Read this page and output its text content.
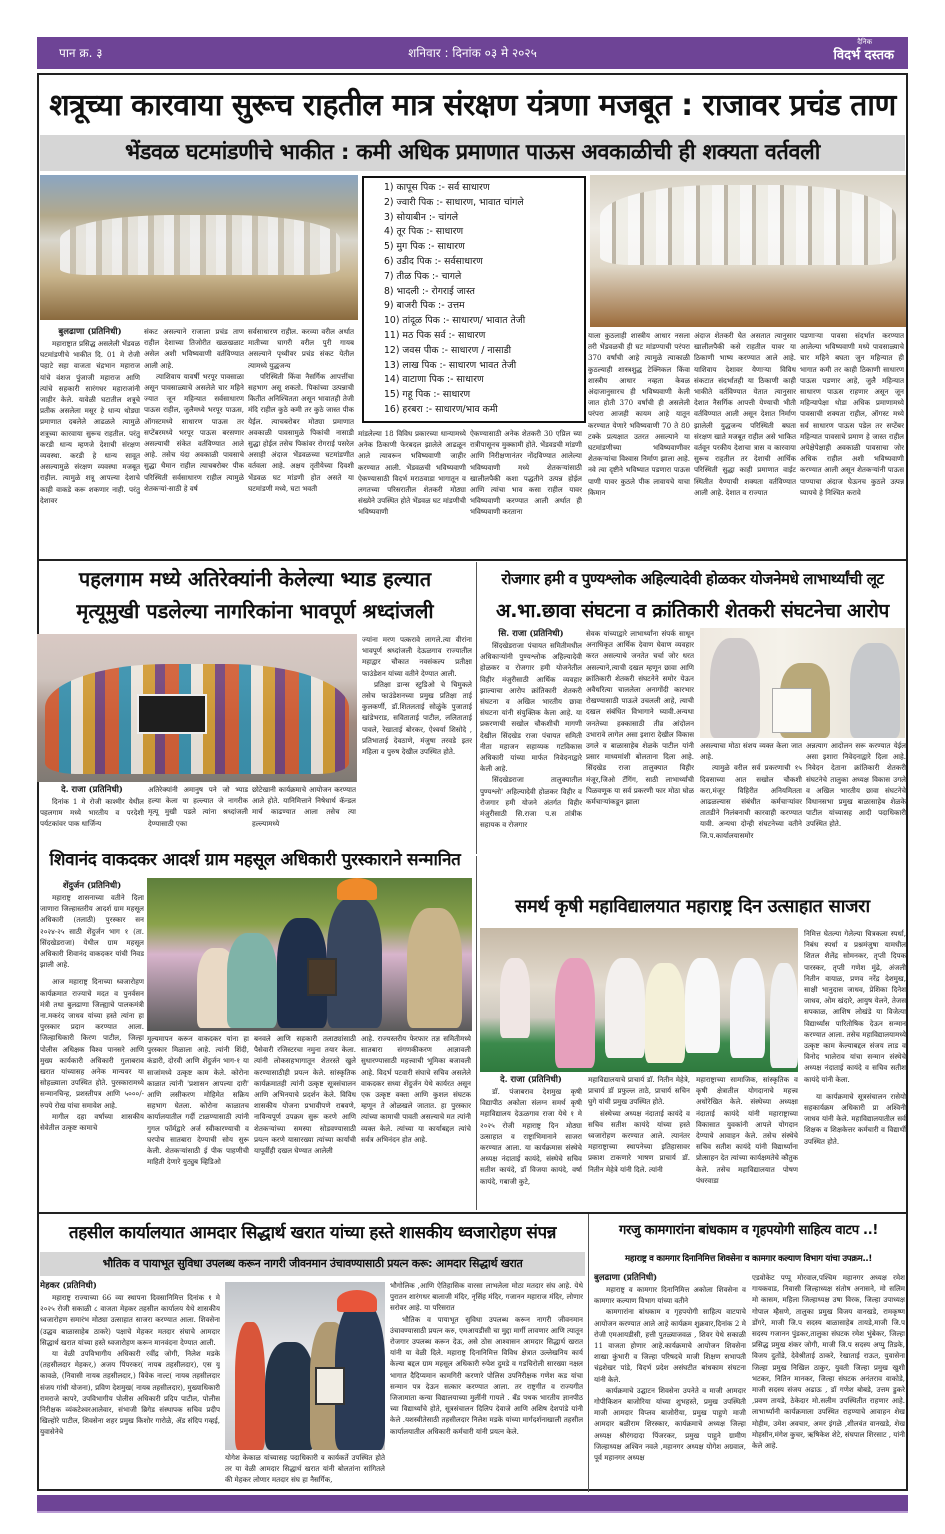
पान क्र. ३	शनिवार : दिनांक ०३ मे २०२५
दैनिक
विदर्भ दस्तक
शत्रूच्या कारवाया सुरूच राहतील मात्र संरक्षण यंत्रणा मजबूत : राजावर प्रचंड ताण
भेंडवळ घटमांडणीचे भाकीत : कमी अधिक प्रमाणात पाऊस अवकाळीची ही शक्यता वर्तवली
1) कापूस पिक :- सर्व साधारण
2) ज्वारी पिक :- साधारण, भावात चांगले
3) सोयाबीन :- चांगले
4) तूर पिक :- साधारण
5) मुग पिक :- साधारण
6) उडीद पिक :- सर्वसाधारण
7) तीळ पिक :- चागले
8) भादली :- रोगराई जास्त
9) बाजरी पिक :- उत्तम
10) तांदूळ पिक :- साधारण/ भावात तेजी
11) मठ पिक सर्व :- साधारण
12) जवस पीक :- साधारण / नासाडी
13) लाख पिक :- साधारण भावत तेजी
14) वाटाणा पिक :- साधारण
15) गहू पिक :- साधारण
16) हरबरा :- साधारण/भाव कमी
बुलढाणा (प्रतिनिधी)

महाराष्ट्रात प्रसिद्ध असलेली भेंडवळ घटमांडणीचे भाकीत दि. 01 मे रोजी पहाटे सहा वाजता चंद्रभान महाराज यांचे वंशज पुंजाजी महाराज आणि त्यांचे सहकारी सारंगधर महाराजांनी जाहीर केले. यावेळी घटातील शत्रूचे प्रतीक असलेला मसूर हे धान्य थोड्या प्रमाणात दबलेले आढळले त्यामुळे शत्रूच्या कारवाया सुरूच राहतील. परंतु करडी धान्य म्हणजे देशाची संरक्षण व्यवस्था. करडी हे धान्य सावूत असल्यामुळे संरक्षण व्यवस्था मजबूत राहील. त्यामुळे शत्रू आपल्या देशाचे काही वाकडे करू शकणार नाही. परंतु देशावर

संकट असल्याने राजाला प्रचंड ताण राहील देशाच्या तिजोरीत खळखळाट असेल अशी भविष्यवाणी वर्तविण्यात आली आहे.

त्याशिवाय यावर्षी भरपूर पावसाळा असून पावसाळ्याचे असलेले चार महिने ज्यात जून महिन्यात सर्वसाधारण पाऊस राहील, जुलैमध्ये भरपूर पाऊस, ऑगस्टमध्ये साधारण पाऊस तर सप्टेंबरमध्ये भरपूर पाऊस बरसणार असल्याची संकेत वर्तविण्यात आले आहे. तसेच यंदा अवकाळी पावसाचे सुद्धा थैमान राहील त्याचबरोबर पीक परिस्थिती सर्वसाधारण राहील त्यामुळे शेतकऱ्यां-साठी हे वर्ष

सर्वसाधारण राहील. करव्या वरील अर्थात मातीच्या घागरी वरील पुरी गायब असल्याने पृथ्वीवर प्रचंड संकट येतील त्यामध्ये युद्धजन्य

परिस्थिती किंवा नैसर्गिक आपत्तींचा सहभाग असू शकतो. पिकांच्या उत्पन्नाची कितीत अनिश्चितता असून भावातही तेजी मंदि राहील कुठे कमी तर कुठे जास्त पीक येईल. त्याचबरोबर मोठ्या प्रमाणात अवकाळी पावसामुळे पिकांची नासाडी सुद्धा होईल तसेच पिकांवर रोगराई पसरेल असाही अंदाज भेंडवळच्या घटमांडणीत वर्तवला आहे. अक्षय तृतीयेच्या दिवशी भेंडवळ घट मांडणी होत असते या घटमांडणी मध्ये, घटा भवती

मांडलेल्या 18 विविध प्रकारच्या धान्यामध्ये अनेक ठिकाणी फेरबदल झालेले आढळून आले त्यावरून भविष्यवाणी जाहीर करण्यात आली. भेंडवळची भविष्यवाणी ऐकण्यासाठी विदर्भ मराठवाडा भागातून व लगतच्या परिसरातील शेतकरी मोठ्या संख्येने उपस्थित होते भेंडवळ घट मांडणीची भविष्यवाणी

ऐकण्यासाठी अनेक शेतकरी 30 एप्रिल च्या रात्रीपासूनच मुक्कामी होते. भेंडवडची मांडणी आणि निरीक्षणानंतर नोंदविण्यात आलेल्या भविष्यवाणी मध्ये शेतकऱ्यांसाठी खालीलपैकी कशा पद्धतीने उत्पन्न होईल आणि त्यांचा भाव कसा राहील यावर भविष्यवाणी करण्यात आली अर्थात ही भविष्यवाणी करताना

याला कुठलाही शास्त्रीय आधार नसला तरी भेंडवळची ही घट मांडण्याची परंपरा 370 वर्षांची आहे त्यामुळे त्याकाळी कुठल्याही शास्त्रशुद्ध टेक्निकल किंवा शास्त्रीय आधार नव्हता केवळ अंदाजानुसारच ही भविष्यवाणी केली जात होती 370 वर्षांची ही असलेली परंपरा आजही कायम आहे यातून करण्यात येणारे भविष्यवाणी 70 ते 80 टक्के प्रत्यक्षात उतरत असल्याने या घटमांडणीच्या भविष्यवाणीवर शेतकऱ्यांचा विश्वास निर्माण झाला आहे. नवे त्या दृष्टीने भविष्यात पडणारा पाऊस पाणी यावर कुठले पीक लावायचे याचा किमान

अंदाज शेतकरी घेत असतात त्यानुसार खालीलपैकी कसे राहतील यावर या ठिकाणी भाष्य करण्यात आले आहे. याशिवाय देशावर येणाऱ्या विविध संकटात संदर्भातही या ठिकाणी काही भाकीते वर्तविण्यात येतात त्यानुसार देशात नैसर्गिक आपत्ती येण्याची भीती वर्तविण्यात आली असून देशात निर्माण झालेली युद्धजन्य परिस्थिती बघता संरक्षण खाते मजबूत राहील असे भाकित वर्तवून परकीय देशाचा त्रास व कारवाया सुरूच राहतील तर देशाची आर्थिक परिस्थिती सुद्धा काही प्रमाणात वाईट स्थितीत येण्याची शक्यता वर्तविण्यात आली आहे. देशात व राज्यात

पडणाऱ्या पावसा संदर्भात करण्यात आलेल्या भविष्यवाणी मध्ये पावसाळ्याचे चार महिने बघता जुन महिन्यात ही भागात कमी तर काही ठिकाणी साधारण पाऊस पडणार आहे, जुलै महिन्यात साधारण पाऊस राहणार असून जून महिन्यापेक्षा थोडा अधिक प्रमाणामध्ये पावसाची शक्यता राहील, ऑगस्ट मध्ये सर्व साधारण पाऊस पडेल तर सप्टेंबर महिन्यात पावसाचे प्रमाण हे जास्त राहील अपेक्षेपेक्षाही अवकाळी पावसाचा जोर अधिक राहील अशी भविष्यवाणी करण्यात आली असून शेतकऱ्यांनी पाऊस पाण्याचा अंदाज घेऊनच कुठले उत्पन्न घ्यायचे हे निश्चित करावे

पहलगाम मध्ये अतिरेक्यांनी केलेल्या भ्याड हल्यात
मृत्यूमुखी पडलेल्या नागरिकांना भावपूर्ण श्रध्दांजली
दे. राजा (प्रतिनिधी)

दिनांक 1 मे रोजी काश्मीर येथील पहलगाम मध्ये भारतीय व परदेशी पर्यटकांवर पाक धार्जिन्य

अतिरेक्यांनी अमानुष पने जो भ्याड हल्या केला या हल्ल्यात जे नागरीक मृत्यू मुखी पडले त्यांना श्रध्दांजली देण्यासाठी एका

छोटेखानी कार्यक्रमाचे आयोजन करण्यात आले होते. यानिमित्ताने निषेधार्थ कॅन्डल मार्च काढण्यात आला तसेच त्या हल्ल्यामध्ये

ज्यांना मरण पत्करावे लागले.त्या वीरांना भावपूर्ण श्रध्दांजली देऊळगाव राज्यातील महाद्वार चौकात नवसंकल्प प्रतीक्षा फाउंडेशन यांच्या वतीने देण्यात आली.

प्रतिक्षा डान्स स्टुडिओ चे चिमुकले तसेच फाउंडेशनच्या प्रमुख प्रतिक्षा ताई कुलकर्णी, डॉ.शितलताई सोळुंके पुजाताई खांडेभराड, सविताताई पाटील, ललिताताई पावले, रेखाताई बोरकर, ऐश्वर्या शिसोदे , प्रतिभाताई देवठाणे, मंजुषा तरवडे इतर महिला व पुरुष देखील उपस्थित होते.

रोजगार हमी व पुण्यश्लोक अहिल्यादेवी होळकर योजनेमधे लाभार्थ्यांची लूट
अ.भा.छावा संघटना व क्रांतिकारी शेतकरी संघटनेचा आरोप
सि. राजा (प्रतिनिधी)

सिंदखेडराजा पंचायत समितीमधील अधिकाऱ्यांनी पुण्यश्लोक अहिल्यादेवी होळकर व रोजगार हमी योजनेतील विहीर मंजुरीसाठी आर्थिक व्यवहार झाल्याचा आरोप क्रांतिकारी शेतकरी संघटना व अखिल भारतीय छावा संघटना यांनी संयुक्तिक केला आहे. या प्रकरणाची सखोल चौकशीची मागणी देखील सिंदखेड राजा पंचायत समिती नीता महाजन सहाय्यक गटविकास अधिकारी यांच्या मार्फत निवेदनाद्वारे केली आहे.

सिंदखेडराजा तालुक्यातील पुण्यश्लो' अहिल्यादेवी होळकर विहीर व रोजगार हमी योजने अंतर्गत विहीर मंजुरीसाठी सि.राजा प.स तांत्रीक सहायक व रोजगार

सेवक यांच्याद्वारे लाभार्थ्यांना संपर्क साधून अनाधिकृत आर्थिक देवाण घेवाण व्यवहार करत असल्याचे जनतेत चर्चा जोर धरत असल्याने,त्याची दखल म्हणून छावा आणि क्रांतिकारी शेतकरी संघटनेने समोर येऊन अवैधरित्या चाललेला अनागोंदी कारभार रोखण्यासाठी पाऊले उचलली आहे, त्याची दखल संबंधित विभागाने घ्यावी.अन्यथा जनतेच्या हक्कासाठी तीव्र आंदोलन उभारावे लागेल असा इशारा देखील विकास उगले व बाळासाहेब शेळके पाटील यांनी प्रसार माध्यमांशी बोलताना दिला आहे. सिंदखेड राजा तालुक्यात विहीर मंजूर,जिओ टॅगिंग, साठी लाभार्थ्यांची पिळवणूक या सर्व प्रकरणी फार मोठा घोळ कर्मचाऱ्यांकडून झाला

असल्याचा मोठा संशय व्यक्त केला जात आहे.

त्यामुळे वरील सर्व प्रकरणाची १५ दिवसाच्या आत सखोल चौकशी करा,मंजूर विहिरीत अनियमितता आढळल्यास संबंधीत कर्मचाऱ्यांवर तातडीने निलंबनाची कारवाही करण्यात यावी. अन्यथा दोन्ही संघटनेच्या वतीने जि.प.कार्यालयासमोर

अन्नत्याग आदोलन सरू करण्यात येईल असा इशारा निवेदनाद्वारे दिला आहे. निवेदन देताना क्रांतिकारी शेतकरी संघटनेचे तालुका अध्यक्ष विकास उगले व अखिल भारतीय छावा संघटनेचे विधानसभा प्रमुख बाळासाहेब शेळके पाटील यांच्यासह आदी पदाधिकारी उपस्थित होते.

शिवानंद वाकदकर आदर्श ग्राम महसूल अधिकारी पुरस्काराने सन्मानित
शेंदुर्जन (प्रतिनिधी)

महाराष्ट्र शासनाच्या वतीने दिला जाणारा जिल्हास्तरीय आदर्श ग्राम महसूल अधिकारी (तलाठी) पुरस्कार सन २०२४-२५ साठी शेंदुर्जन भाग १ (ता. सिंदखेडराजा) येथील ग्राम महसूल अधिकारी शिवानंद वाकदकर यांची निवड झाली आहे.

आज महाराष्ट्र दिनाच्या ध्वजारोहण कार्यक्रमात राज्याचे मदत व पुनर्वसन मंत्री तथा बुलढाणा जिल्ह्याचे पालकमंत्री ना.मकरंद जाधव यांच्या हस्ते त्यांना हा पुरस्कार प्रदान करण्यात आला. जिल्हाधिकारी किरण पाटील, जिल्हा पोलीस अधिक्षक विश्व पानसरे आणि मुख्य कार्यकारी अधिकारी गुलाबराव खरात यांच्यासह अनेक मान्यवर या सोहळ्याला उपस्थित होते. पुरस्कारामध्ये सन्मानचिन्ह, प्रशस्तीपत्र आणि ५०००/- रुपये रोख यांचा समावेश आहे.

मागील दहा वर्षांच्या शासकीय सेवेतील उत्कृष्ट कामाचे

मूल्यमापन करून वाकदकर यांना हा पुरस्कार मिळाला आहे. त्यांनी शिंदी, कंडारी, दोरवी आणि शेंदुर्जन भाग-१ या साजांमध्ये उत्कृष्ट काम केले. कोरोना काळात त्यांनी 'प्रशासन आपल्या दारी' आणि लसीकरण मोहिमेत सक्रिय सहभाग घेतला. कोरोना काळातच कार्यालयातील गर्दी टाळण्यासाठी त्यांनी गुगल फॉर्मद्वारे अर्ज स्वीकारण्याची व घरपोच सातबारा देण्याची सोय सुरू केली. शेतकऱ्यांसाठी ई पीक पाहणीची माहिती देणारे युट्युब व्हिडिओ

बनवले आणि सहकारी तलाठ्यांसाठी पैसेवारी रजिस्टरचा नमुना तयार केला. त्यांनी लोकसहभागातून शेतरस्ते खुले करण्यासाठीही प्रयत्न केले. सांस्कृतिक कार्यक्रमातही त्यांनी उत्कृष्ट सूत्रसंचालन आणि अभिनयाचे प्रदर्शन केले. विविध शासकीय योजना प्रभावीपणे राबवणे, नाविन्यपूर्ण उपक्रम सुरू करणे आणि शेतकऱ्यांच्या समस्या सोडवण्यासाठी प्रयत्न करणे यासारख्या त्यांच्या कार्याची यापूर्वीही दखल घेण्यात आलेली

आहे. राज्यस्तरीय फेरफार तज्ञ समितीमध्ये सातबारा संगणकीकरण आज्ञावली सुधारण्यासाठी महत्त्वाची भूमिका बजावली आहे. विदर्भ पटवारी संघाचे सचिव असलेले वाकदकर सध्या शेंदुर्जन येथे कार्यरत असून एक उत्कृष्ट वक्ता आणि कुशल संघटक म्हणून ते ओळखले जातात. हा पुरस्कार त्यांच्या कामाची पावती असल्याचे मत त्यांनी व्यक्त केले. त्यांच्या या कार्याबद्दल त्यांचे सर्वत्र अभिनंदन होत आहे.

समर्थ कृषी महाविद्यालयात महाराष्ट्र दिन उत्साहात साजरा
दे. राजा (प्रतिनिधी)

डॉ. पंजाबराव देशमुख कृषी विद्यापीठ अकोला संलग्न समर्थ कृषी महाविद्यालय देऊळगाव राजा येथे १ मे २०२५ रोजी महाराष्ट्र दिन मोठ्या उत्साहात व राष्ट्राभिमानाने साजरा करण्यात आला. या कार्यक्रमास संस्थेचे अध्यक्ष नंदाताई कायंदे, संस्थेचे सचिव सतीश कायंदे, डॉ विजया कायंदे, वर्षा कायंदे, गबाजी कुटे,

महाविद्यालयाचे प्राचार्य डॉ. नितीन मेहेत्रे, प्राचार्य डॉ प्रफुल्ल ताठे, प्राचार्य सचिन घुगे यांची प्रमुख उपस्थित होते.

संस्थेच्या अध्यक्ष नंदाताई कायंदे व सचिव सतीश कायंदे यांच्या हस्ते ध्वजारोहण करण्यात आले. त्यानंतर महाराष्ट्राच्या स्थापनेच्या इतिहासावर प्रकाश टाकणारे भाषण प्राचार्य डॉ. नितीन मेहेत्रे यांनी दिले. त्यांनी

महाराष्ट्राच्या सामाजिक, सांस्कृतिक व कृषी क्षेत्रातील योगदानाचे महत्त्व अधोरेखित केले. संस्थेच्या अध्यक्षा नंदाताई कायंदे यांनी महाराष्ट्राच्या विकासात युवकांनी आपले योगदान देण्याचे आवाहन केले. तसेच संस्थेचे सचिव सतीश कायंदे यांनी विद्यार्थ्यांना प्रोत्साहन देत त्यांच्या कार्यक्षमतेचे कौतुक केले. तसेच महाविद्यालयात पोषण पंधरवाडा

निमित्त घेतल्या गेलेल्या चित्रकला स्पर्धा, निबंध स्पर्धा व प्रश्नमंजुषा यामधील शितल शैलेंद्र सोमनकर, तृप्ती दिपक पारस्कर, तृप्ती गणेश मुंढे, अंजली नितीन वायाळ, प्रणव नरेंद्र देशमुख, साक्षी भानुदास जाधव, प्रेशिका दिनेश जाधव, ओम खंदारे, आयुष येलने, तेजस सपकाळ, आशिष लोखंडे या विजेत्या विद्यार्थ्यांस पारितोषिक देऊन सन्मान करण्यात आला. तसेच महाविद्यालयामध्ये उत्कृष्ट काम केल्याबद्दल संजय लाड व विनोद भालेराव यांचा सन्मान संस्थेचे अध्यक्ष नंदाताई कायंदे व सचिव सतीश कायंदे यांनी केला.

या कार्यक्रमाचे सूत्रसंचालन रासेयो सहकार्यक्रम अधिकारी प्रा अश्विनी जाधव यांनी केले. महाविद्यालयातील सर्व शिक्षक व शिक्षकेत्तर कर्मचारी व विद्यार्थी उपस्थित होते.

तहसील कार्यालयात आमदार सिद्धार्थ खरात यांच्या हस्ते शासकीय ध्वजारोहण संपन्न
भौतिक व पायाभूत सुविधा उपलब्ध करून नागरी जीवनमान उंचावण्यासाठी प्रयत्न करू: आमदार सिद्धार्थ खरात
मेहकर (प्रतिनिधी)

महाराष्ट्र राज्याच्या 66 व्या स्थापना दिवसानिमित्त दिनांक १ मे २०२५ रोजी सकाळी ८ वाजता मेहकर तहसील कार्यालय येथे शासकीय ध्वजारोहण समारंभ मोठ्या उत्साहात साजरा करण्यात आला. शिवसेना (उद्धव बाळासाहेब ठाकरे) पक्षाचे मेहकर मतदार संघाचे आमदार सिद्धार्थ खरात यांच्या हस्ते ध्वजारोहण करून मानवंदना देण्यात आली.

या वेळी उपविभागीय अधिकारी रवींद्र जोगी, निलेश मडके (तहसीलदार मेहकर,) अजय पिंपरकर( नायब तहसीलदार), एस यू कावळे, (निवासी नायब तहसीलदार,) विवेक नाल्ट( नायब तहसीलदार संजय गांधी योजना), प्रविण देशमुख( नायब तहसीलदार), मुख्याधिकारी रामराजे कापरे, उपविभागीय पोलीस अधिकारी प्रदिप पाटील, पोलीस निरीक्षक व्यंकटेश्वरआलेवार, संभाजी ब्रिगेड संस्थापक सचिव प्रदीप खिल्होरे पाटील, शिवसेना शहर प्रमुख किशोर गारोळे, ॲड संदिप गव्हई, युवासेनेचे

योगेश केकाळ यांच्यासह पदाधिकारी व कार्यकर्ते उपस्थित होते तर या वेळी आमदार सिद्धार्थ खरात यांनी बोलतांना सांगितले की मेहकर लोणार मतदार संघ हा नैसर्गिक,

भौगोलिक ,आणि ऐतिहासिक वारसा लाभलेला मोठा मतदार संघ आहे. येथे पुरातन शारंगधर बालाजी मंदिर, नृसिंह मंदिर, गजानन महाराज मंदिर, लोणार सरोवर आहे. या परिसरात

भौतिक व पायाभूत सुविधा उपलब्ध करून नागरी जीवनमान उंचावण्यासाठी प्रयत्न करु, एमआयडीसी चा मुद्दा मार्गी लावणार आणि त्यातून रोजगार उपलब्ध करून देऊ, असे ठोस आश्वासन आमदार सिद्धार्थ खरात यांनी या वेळी दिले. महाराष्ट्र दिनानिमित्त विविध क्षेत्रात उल्लेखनिय कार्य केल्या बद्दल ग्राम महसूल अधिकारी रुपेश दुमडे व गडचिरोली सारख्या नक्षल भागात दैदिप्यमान कामगिरी करणारे पोलिस उपनिरीक्षक गणेश कड यांचा सन्मान पत्र देऊन सत्कार करण्यात आला. तर राष्ट्रगीत व राज्यगीत जिजामाता कन्या विद्यालयाच्या मुलींनी गायले . बँड पथक भारतीय ज्ञानपीठ च्या विद्यार्थ्यांचे होते, सूत्रसंचालन दिलिप देवाजे आणि अशिष देशपांडे यांनी केले .यशस्वीतेसाठी तहसीलदार निलेश मडके यांच्या मार्गदर्शनाखाली तहसील कार्यालयातील अधिकारी कर्मचारी यांनी प्रयत्न केले.

गरजु कामगारांना बांधकाम व गृहपयोगी साहित्य वाटप ..!
महाराष्ट्र व कामगार दिनानिमित्त शिवसेना व कामगार कल्याण विभाग यांचा उपक्रम..!
बुलढाणा (प्रतिनिधी)

महाराष्ट्र व कामगार दिनानिमित्त अकोला शिवसेना व कामगार कल्याण विभाग यांच्या वतीने

कामगारांना बांधकाम व गृहपयोगी साहित्य वाटपाचे आयोजन करण्यात आले आहे कार्यक्रम शुक्रवार,दिनांक 2 मे रोजी एमआयडीसी, हत्ती पुतळ्याजवळ , शिवर येथे सकाळी 11 वाजता होणार आहे.कार्यक्रमाचे आयोजन शिवसेना शाखा कुंभारी व जिल्हा परिषदचे माजी शिक्षण सभापती चंद्रशेखर पांडे, विदर्भ प्रदेश असंघटीत बांधकाम संघटना यांनी केले.

कार्यक्रमाचे उद्घाटन शिवसेना उपनेते व माजी आमदार गोपीकिशन बाजोरिया यांच्या शुभहस्ते, प्रमुख उपस्थिती माजी आमदार विप्लव बाजोरीया, प्रमुख पाहुणे माजी आमदार बळीराम शिरस्कार, कार्यक्रमाचे अध्यक्ष जिल्हा अध्यक्ष श्रीरंगदादा पिंजरकर, प्रमुख पाहुने ग्रामीण जिल्हाध्यक्ष अश्विन नवले ,महानगर अध्यक्ष योगेश अग्रवाल, पूर्व महानगर अध्यक्ष

एडवोकेट पप्पू मोरवाल,पश्चिम महानगर अध्यक्ष रमेश गायकवाड, निवासी जिल्हाध्यक्ष संतोष अनासने, मो सलिम मो कासम, महिला जिल्हाध्यक्ष उषा विरक, जिल्हा उपाध्यक्ष गोपाल म्हैसणे, तालुका प्रमुख विजय वानखडे, रामकृष्ण डोंगरे, माजी जि.प सदस्य बाळासाहेब तायडे,माजी जि.प सदस्य गजानन पुंडकर,तालुका संघटक रमेश भुंबेकर, जिल्हा प्रसिद्ध प्रमुख शंकर जोगी, माजी जि.प सदस्य अप्पु तिडके, विजय दुतोंडे, देवेश्रीताई ठाकरे, रेखाताई राऊत, युवासेना जिल्हा प्रमुख निखिल ठाकुर, युवती जिल्हा प्रमुख खुशी भटकर, नितिन मानकर, जिल्हा संघटक अनंतराव वाकोडे, माजी सदस्य संजय अढाऊ , डॉ गणेश बोबडे, उत्तम डुकरे ,प्रवण तायडे, ठेकेदार मो.सलीम उपस्थितीत राहणार आहे. लाभार्थ्यांनी कार्यक्रमाला उपस्थित राहण्याचे आवाहन शेख मोहीम, उमेश अवचार, अमर इंगळे ,शीलवंत वानखडे, शेख मोहसीन,मंगेश कुचर, ऋषिकेश शेटे, संघपाल शिरसाट , यांनी केले आहे.
